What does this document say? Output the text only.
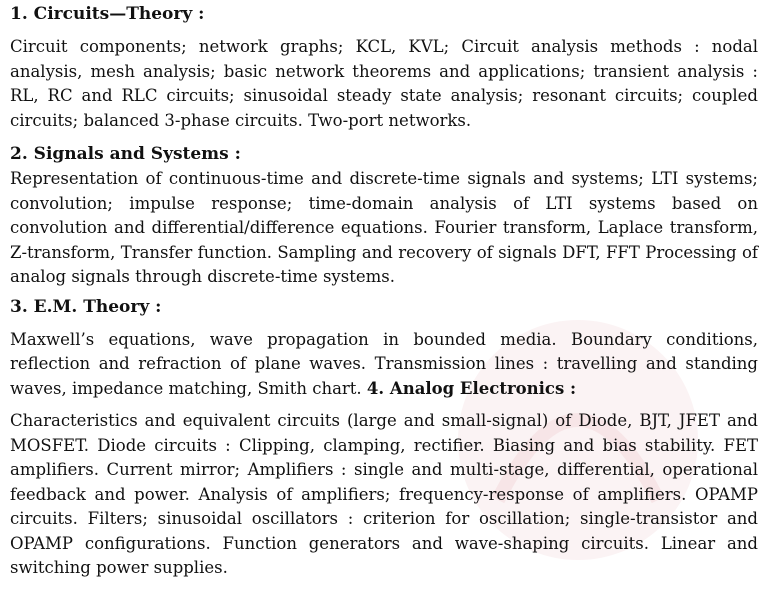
1. Circuits—Theory :

Circuit components; network graphs; KCL, KVL; Circuit analysis methods : nodal analysis, mesh analysis; basic network theorems and applications; transient analysis : RL, RC and RLC circuits; sinusoidal steady state analysis; resonant circuits; coupled circuits; balanced 3-phase circuits. Two-port networks.

2. Signals and Systems :

Representation of continuous-time and discrete-time signals and systems; LTI systems; convolution; impulse response; time-domain analysis of LTI systems based on convolution and differential/difference equations. Fourier transform, Laplace transform, Z-transform, Transfer function. Sampling and recovery of signals DFT, FFT Processing of analog signals through discrete-time systems.

3. E.M. Theory :

Maxwell’s equations, wave propagation in bounded media. Boundary conditions, reflection and refraction of plane waves. Transmission lines : travelling and standing waves, impedance matching, Smith chart. 4. Analog Electronics :

Characteristics and equivalent circuits (large and small-signal) of Diode, BJT, JFET and MOSFET. Diode circuits : Clipping, clamping, rectifier. Biasing and bias stability. FET amplifiers. Current mirror; Amplifiers : single and multi-stage, differential, operational feedback and power. Analysis of amplifiers; frequency-response of amplifiers. OPAMP circuits. Filters; sinusoidal oscillators : criterion for oscillation; single-transistor and OPAMP configurations. Function generators and wave-shaping circuits. Linear and switching power supplies.
